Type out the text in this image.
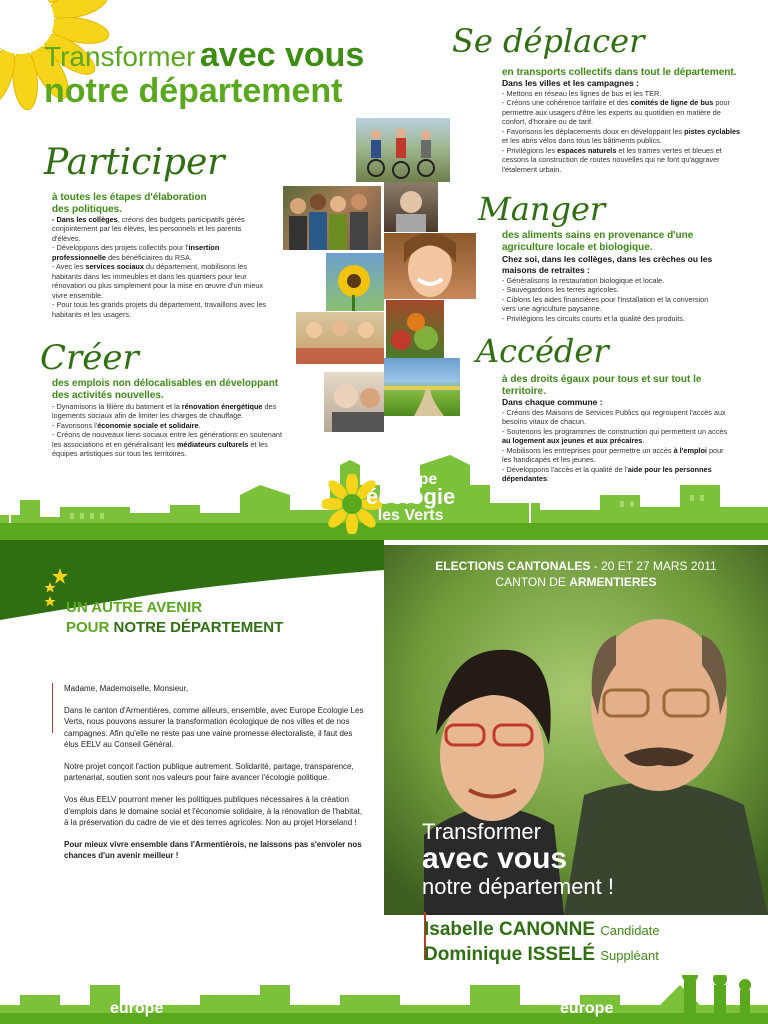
Transformer avec vous
notre département
Participer
à toutes les étapes d'élaboration des politiques.
- Dans les collèges, créons des budgets participatifs gérés conjointement par les élèves, les personnels et les parents d'élèves.
- Développons des projets collectifs pour l'insertion professionnelle des bénéficiaires du RSA.
- Avec les services sociaux du département, mobilisons les habitants dans les immeubles et dans les quartiers pour leur rénovation ou plus simplement pour la mise en œuvre d'un mieux vivre ensemble.
- Pour tous les grands projets du département, travaillons avec les habitants et les usagers.
Créer
des emplois non délocalisables en développant des activités nouvelles.
- Dynamisons la filière du batiment et la rénovation énergétique des logements sociaux afin de limiter les charges de chauffage.
- Favorisons l'économie sociale et solidaire.
- Créons de nouveaux liens sociaux entre les générations en soutenant les associations et en généralisant les médiateurs culturels et les équipes artistiques sur tous les territoires.
Se déplacer
en transports collectifs dans tout le département.
Dans les villes et les campagnes :
- Mettons en réseau les lignes de bus et les TER.
- Créons une cohérence tarifaire et des comités de ligne de bus pour permettre aux usagers d'être les experts au quotidien en matière de confort, d'horaire ou de tarif.
- Favorisons les déplacements doux en développant les pistes cyclables et les abris vélos dans tous les bâtiments publics.
- Privilégions les espaces naturels et les trames vertes et bleues et cessons la construction de routes nouvelles qui ne font qu'aggraver l'étalement urbain.
Manger
des aliments sains en provenance d'une agriculture locale et biologique.
Chez soi, dans les collèges, dans les crèches ou les maisons de retraites :
- Généralisons la restauration biologique et locale.
- Sauvegardons les terres agricoles.
- Ciblons les aides financières pour l'installation et la conversion vers une agriculture paysanne.
- Privilégions les circuits courts et la qualité des produits.
Accéder
à des droits égaux pour tous et sur tout le territoire.
Dans chaque commune :
- Créons des Maisons de Services Publics qui regroupent l'accès aux besoins vitaux de chacun.
- Soutenons les programmes de construction qui permettent un accès au logement aux jeunes et aux précaires.
- Mobilisons les entreprises pour permettre un accès à l'emploi pour les handicapés et les jeunes.
- Développons l'accès et la qualité de l'aide pour les personnes dépendantes.
europe
écologie
les Verts
UN AUTRE AVENIR
POUR NOTRE DÉPARTEMENT

Madame, Mademoiselle, Monsieur,

Dans le canton d'Armentières, comme ailleurs, ensemble, avec Europe Ecologie Les Verts, nous pouvons assurer la transformation écologique de nos villes et de nos campagnes. Afin qu'elle ne reste pas une vaine promesse électoraliste, il faut des élus EELV au Conseil Général.

Notre projet conçoit l'action publique autrement. Solidarité, partage, transparence, partenariat, soutien sont nos valeurs pour faire avancer l'écologie politique.

Vos élus EELV pourront mener les politiques publiques nécessaires à la création d'emplois dans le domaine social et l'économie solidaire, à la rénovation de l'habitat, à la préservation du cadre de vie et des terres agricoles. Non au projet Horseland !

Pour mieux vivre ensemble dans l'Armentièrois, ne laissons pas s'envoler nos chances d'un avenir meilleur !

ELECTIONS CANTONALES - 20 ET 27 MARS 2011
CANTON DE ARMENTIERES
Transformer
avec vous
notre département !
Isabelle CANONNE Candidate
Dominique ISSELÉ Suppléant
europe	europe
